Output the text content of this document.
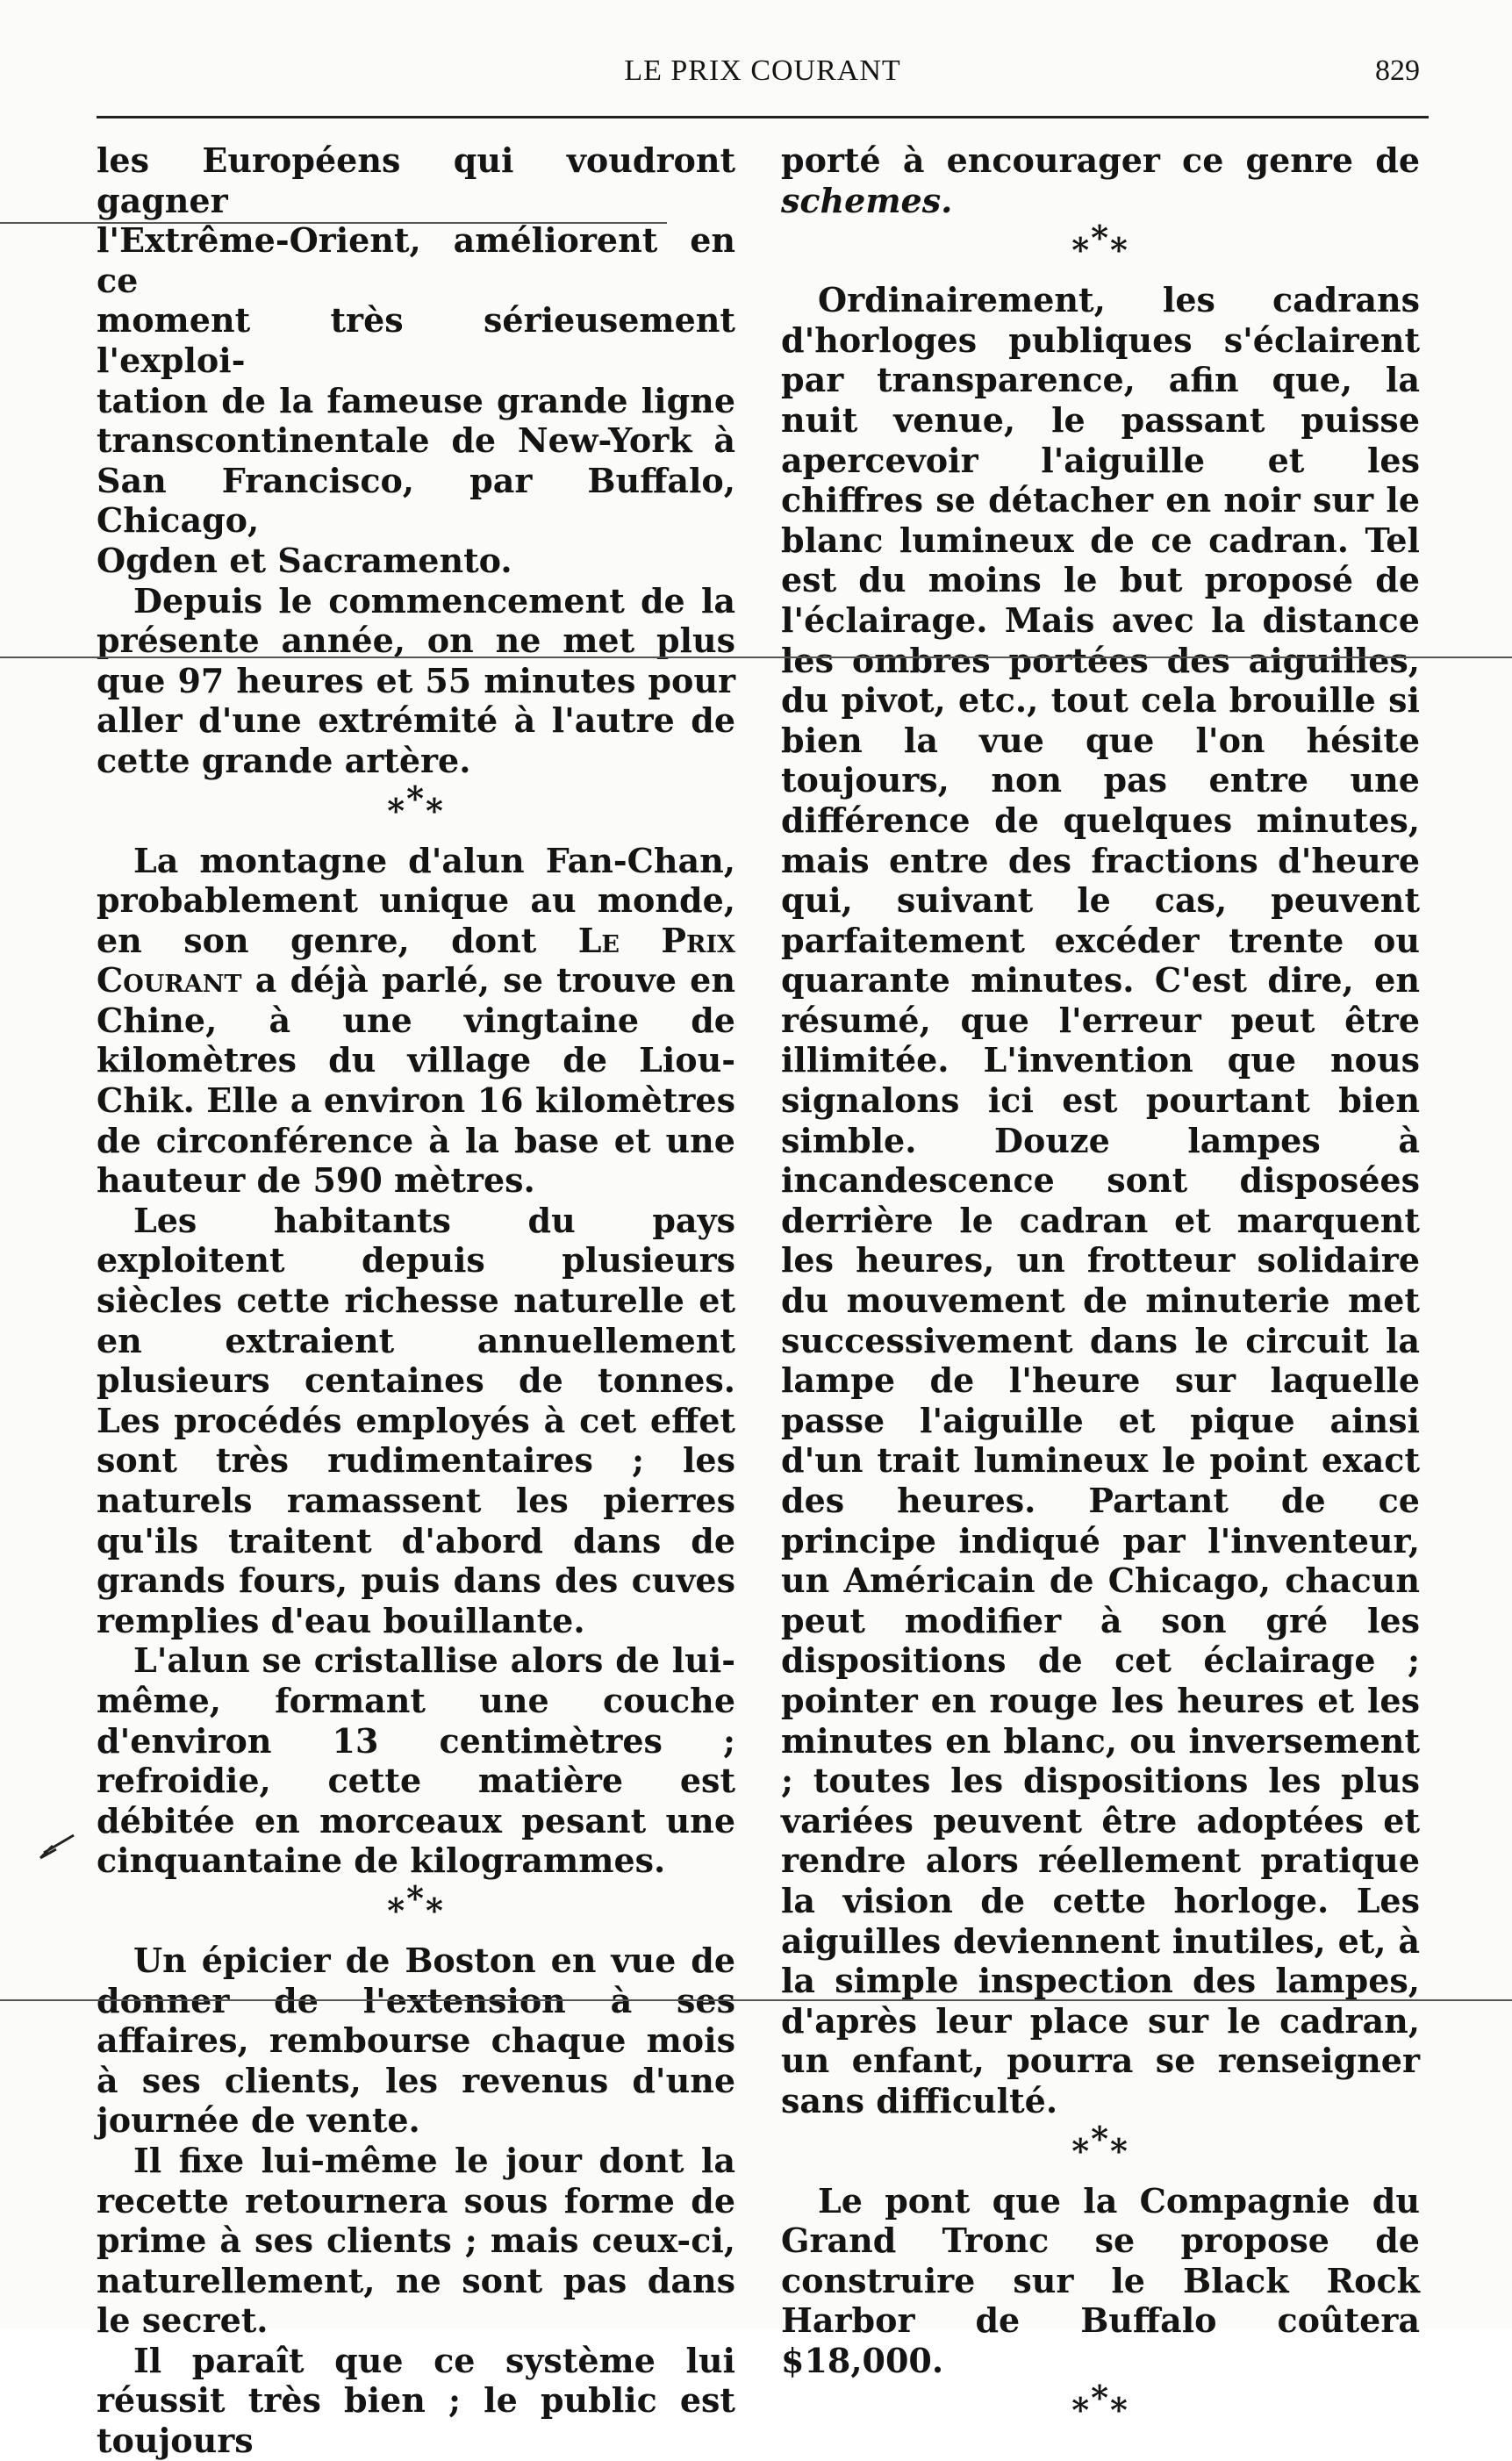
LE PRIX COURANT	829
les Européens qui voudront gagner
l'Extrême-Orient, améliorent en ce
moment très sérieusement l'exploi-
tation de la fameuse grande ligne
transcontinentale de New-York à
San Francisco, par Buffalo, Chicago,
Ogden et Sacramento.

Depuis le commencement de la présente année, on ne met plus que 97 heures et 55 minutes pour aller d'une extrémité à l'autre de cette grande artère.

***

La montagne d'alun Fan-Chan, probablement unique au monde, en son genre, dont Le Prix Courant a déjà parlé, se trouve en Chine, à une vingtaine de kilomètres du village de Liou-Chik. Elle a environ 16 kilomètres de circonférence à la base et une hauteur de 590 mètres.

Les habitants du pays exploitent depuis plusieurs siècles cette richesse naturelle et en extraient annuellement plusieurs centaines de tonnes. Les procédés employés à cet effet sont très rudimentaires ; les naturels ramassent les pierres qu'ils traitent d'abord dans de grands fours, puis dans des cuves remplies d'eau bouillante.

L'alun se cristallise alors de lui-même, formant une couche d'environ 13 centimètres ; refroidie, cette matière est débitée en morceaux pesant une cinquantaine de kilogrammes.

***

Un épicier de Boston en vue de donner de l'extension à ses affaires, rembourse chaque mois à ses clients, les revenus d'une journée de vente.

Il fixe lui-même le jour dont la recette retournera sous forme de prime à ses clients ; mais ceux-ci, naturellement, ne sont pas dans le secret.

Il paraît que ce système lui réussit très bien ; le public est toujours

porté à encourager ce genre de schemes.

***

Ordinairement, les cadrans d'horloges publiques s'éclairent par transparence, afin que, la nuit venue, le passant puisse apercevoir l'aiguille et les chiffres se détacher en noir sur le blanc lumineux de ce cadran. Tel est du moins le but proposé de l'éclairage. Mais avec la distance les ombres portées des aiguilles, du pivot, etc., tout cela brouille si bien la vue que l'on hésite toujours, non pas entre une différence de quelques minutes, mais entre des fractions d'heure qui, suivant le cas, peuvent parfaitement excéder trente ou quarante minutes. C'est dire, en résumé, que l'erreur peut être illimitée. L'invention que nous signalons ici est pourtant bien simble. Douze lampes à incandescence sont disposées derrière le cadran et marquent les heures, un frotteur solidaire du mouvement de minuterie met successivement dans le circuit la lampe de l'heure sur laquelle passe l'aiguille et pique ainsi d'un trait lumineux le point exact des heures. Partant de ce principe indiqué par l'inventeur, un Américain de Chicago, chacun peut modifier à son gré les dispositions de cet éclairage ; pointer en rouge les heures et les minutes en blanc, ou inversement ; toutes les dispositions les plus variées peuvent être adoptées et rendre alors réellement pratique la vision de cette horloge. Les aiguilles deviennent inutiles, et, à la simple inspection des lampes, d'après leur place sur le cadran, un enfant, pourra se renseigner sans difficulté.

***

Le pont que la Compagnie du Grand Tronc se propose de construire sur le Black Rock Harbor de Buffalo coûtera $18,000.

***
